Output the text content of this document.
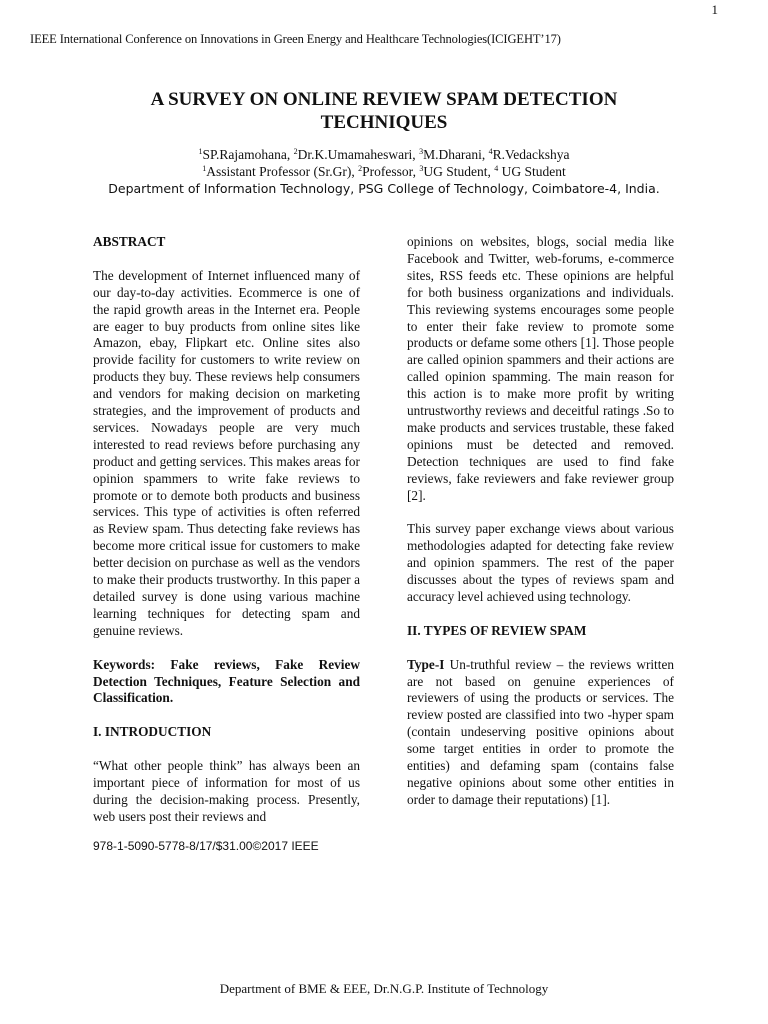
1
IEEE International Conference on Innovations in Green Energy and Healthcare Technologies(ICIGEHT’17)
A SURVEY ON ONLINE REVIEW SPAM DETECTION
TECHNIQUES
$^1$SP.Rajamohana, $^2$Dr.K.Umamaheswari, $^3$M.Dharani, $^4$R.Vedackshya
$^1$Assistant Professor (Sr.Gr), $^2$Professor, $^3$UG Student, $^4$ UG Student
Department of Information Technology, PSG College of Technology, Coimbatore-4, India.
ABSTRACT

The development of Internet influenced many of our day-to-day activities. Ecommerce is one of the rapid growth areas in the Internet era. People are eager to buy products from online sites like Amazon, ebay, Flipkart etc. Online sites also provide facility for customers to write review on products they buy. These reviews help consumers and vendors for making decision on marketing strategies, and the improvement of products and services. Nowadays people are very much interested to read reviews before purchasing any product and getting services. This makes areas for opinion spammers to write fake reviews to promote or to demote both products and business services. This type of activities is often referred as Review spam. Thus detecting fake reviews has become more critical issue for customers to make better decision on purchase as well as the vendors to make their products trustworthy. In this paper a detailed survey is done using various machine learning techniques for detecting spam and genuine reviews.

Keywords: Fake reviews, Fake Review Detection Techniques, Feature Selection and Classification.

I. INTRODUCTION

“What other people think” has always been an important piece of information for most of us during the decision-making process. Presently, web users post their reviews and

978-1-5090-5778-8/17/$31.00©2017 IEEE

opinions on websites, blogs, social media like Facebook and Twitter, web-forums, e-commerce sites, RSS feeds etc. These opinions are helpful for both business organizations and individuals. This reviewing systems encourages some people to enter their fake review to promote some products or defame some others [1]. Those people are called opinion spammers and their actions are called opinion spamming. The main reason for this action is to make more profit by writing untrustworthy reviews and deceitful ratings .So to make products and services trustable, these faked opinions must be detected and removed. Detection techniques are used to find fake reviews, fake reviewers and fake reviewer group [2].

This survey paper exchange views about various methodologies adapted for detecting fake review and opinion spammers. The rest of the paper discusses about the types of reviews spam and accuracy level achieved using technology.

II. TYPES OF REVIEW SPAM

Type-I Un-truthful review – the reviews written are not based on genuine experiences of reviewers of using the products or services. The review posted are classified into two -hyper spam (contain undeserving positive opinions about some target entities in order to promote the entities) and defaming spam (contains false negative opinions about some other entities in order to damage their reputations) [1].

Department of BME & EEE, Dr.N.G.P. Institute of Technology
